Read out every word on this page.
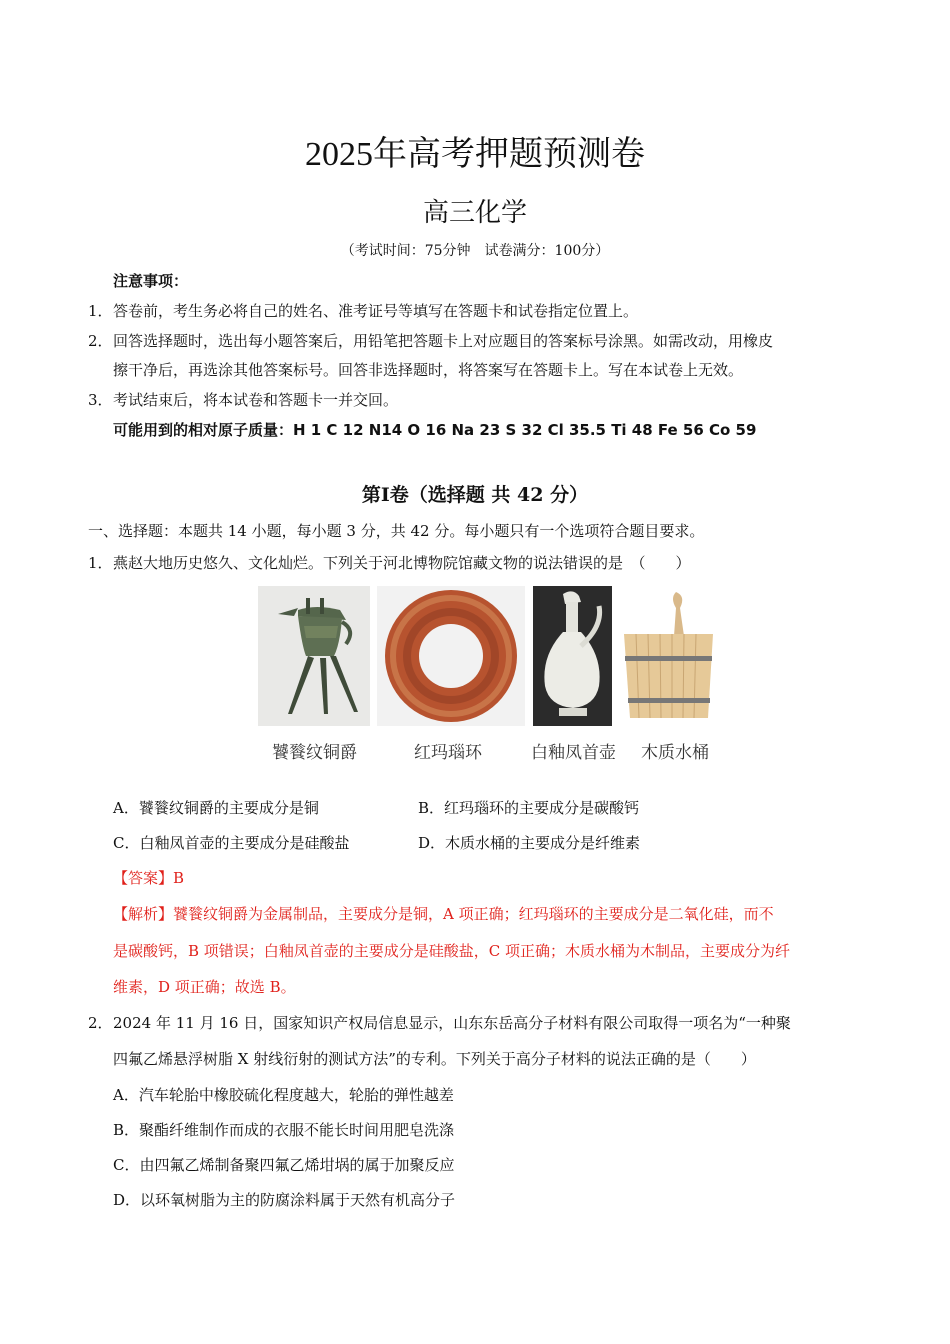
2025年高考押题预测卷
高三化学
（考试时间：75分钟　试卷满分：100分）
注意事项：
1． 答卷前，考生务必将自己的姓名、准考证号等填写在答题卡和试卷指定位置上。
2． 回答选择题时，选出每小题答案后，用铅笔把答题卡上对应题目的答案标号涂黑。如需改动，用橡皮
擦干净后，再选涂其他答案标号。回答非选择题时，将答案写在答题卡上。写在本试卷上无效。
3． 考试结束后，将本试卷和答题卡一并交回。
可能用到的相对原子质量：H 1 C 12 N14 O 16 Na 23 S 32 Cl 35.5 Ti 48 Fe 56 Co 59
第Ⅰ卷（选择题 共 42 分）
一、选择题：本题共 14 小题，每小题 3 分，共 42 分。每小题只有一个选项符合题目要求。
1． 燕赵大地历史悠久、文化灿烂。下列关于河北博物院馆藏文物的说法错误的是　（　　）
饕餮纹铜爵	红玛瑙环	白釉凤首壶 木质水桶
A．饕餮纹铜爵的主要成分是铜	B．红玛瑙环的主要成分是碳酸钙
C．白釉凤首壶的主要成分是硅酸盐	D．木质水桶的主要成分是纤维素
【答案】B
【解析】饕餮纹铜爵为金属制品，主要成分是铜，A 项正确；红玛瑙环的主要成分是二氧化硅，而不
是碳酸钙，B 项错误；白釉凤首壶的主要成分是硅酸盐，C 项正确；木质水桶为木制品，主要成分为纤
维素，D 项正确；故选 B。
2． 2024 年 11 月 16 日，国家知识产权局信息显示，山东东岳高分子材料有限公司取得一项名为“一种聚
四氟乙烯悬浮树脂 X 射线衍射的测试方法”的专利。下列关于高分子材料的说法正确的是（　　）
A．汽车轮胎中橡胶硫化程度越大，轮胎的弹性越差
B．聚酯纤维制作而成的衣服不能长时间用肥皂洗涤
C．由四氟乙烯制备聚四氟乙烯坩埚的属于加聚反应
D．以环氧树脂为主的防腐涂料属于天然有机高分子
